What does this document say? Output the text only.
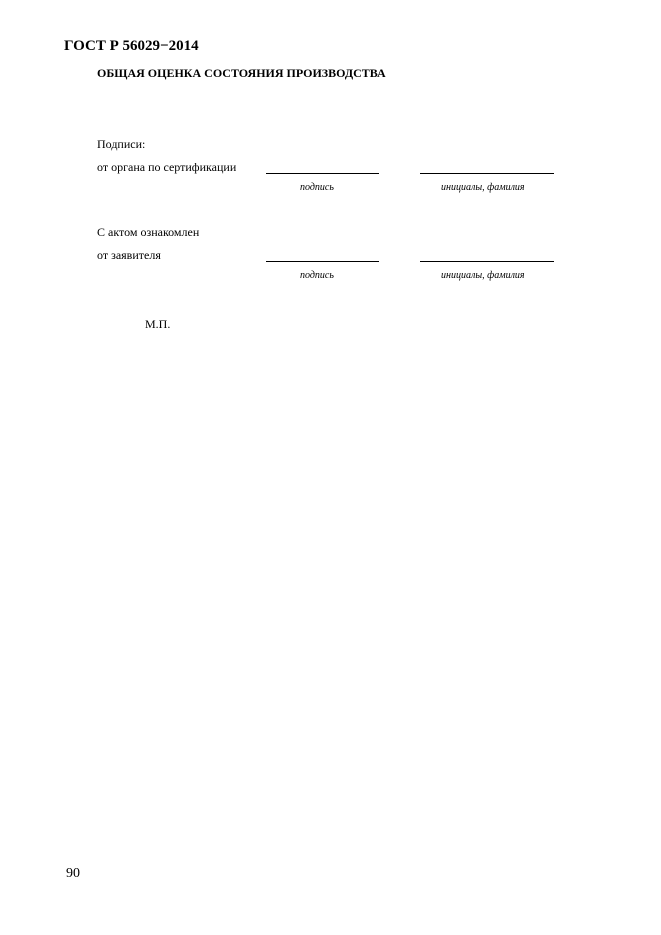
ГОСТ Р 56029−2014
ОБЩАЯ ОЦЕНКА СОСТОЯНИЯ ПРОИЗВОДСТВА
Подписи:
от органа по сертификации
подпись	инициалы, фамилия
С актом ознакомлен
от заявителя
подпись	инициалы, фамилия
М.П.
90
